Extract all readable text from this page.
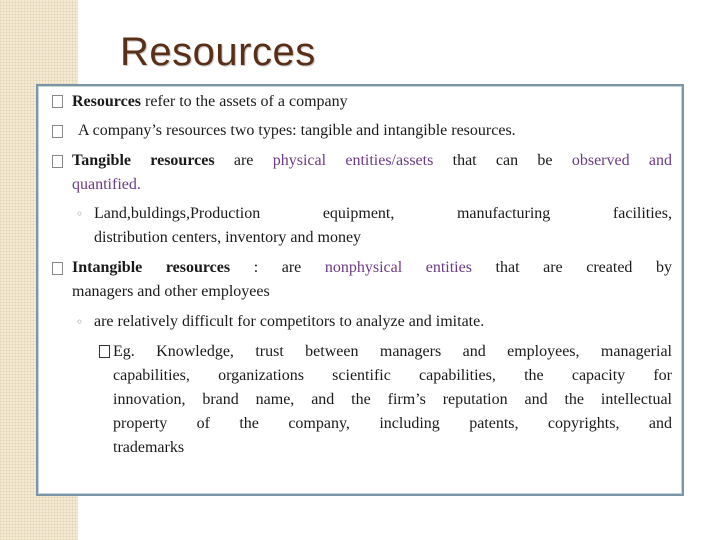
Resources
Resources refer to the assets of a company
A company’s resources two types: tangible and intangible resources.
Tangible resources are physical entities/assets that can be observed and
quantified.
◦ Land,buldings,Production equipment, manufacturing facilities,
distribution centers, inventory and money
Intangible resources : are nonphysical entities that are created by
managers and other employees
◦ are relatively difficult for competitors to analyze and imitate.
Eg. Knowledge, trust between managers and employees, managerial
capabilities, organizations scientific capabilities, the capacity for
innovation, brand name, and the firm’s reputation and the intellectual
property of the company, including patents, copyrights, and
trademarks
